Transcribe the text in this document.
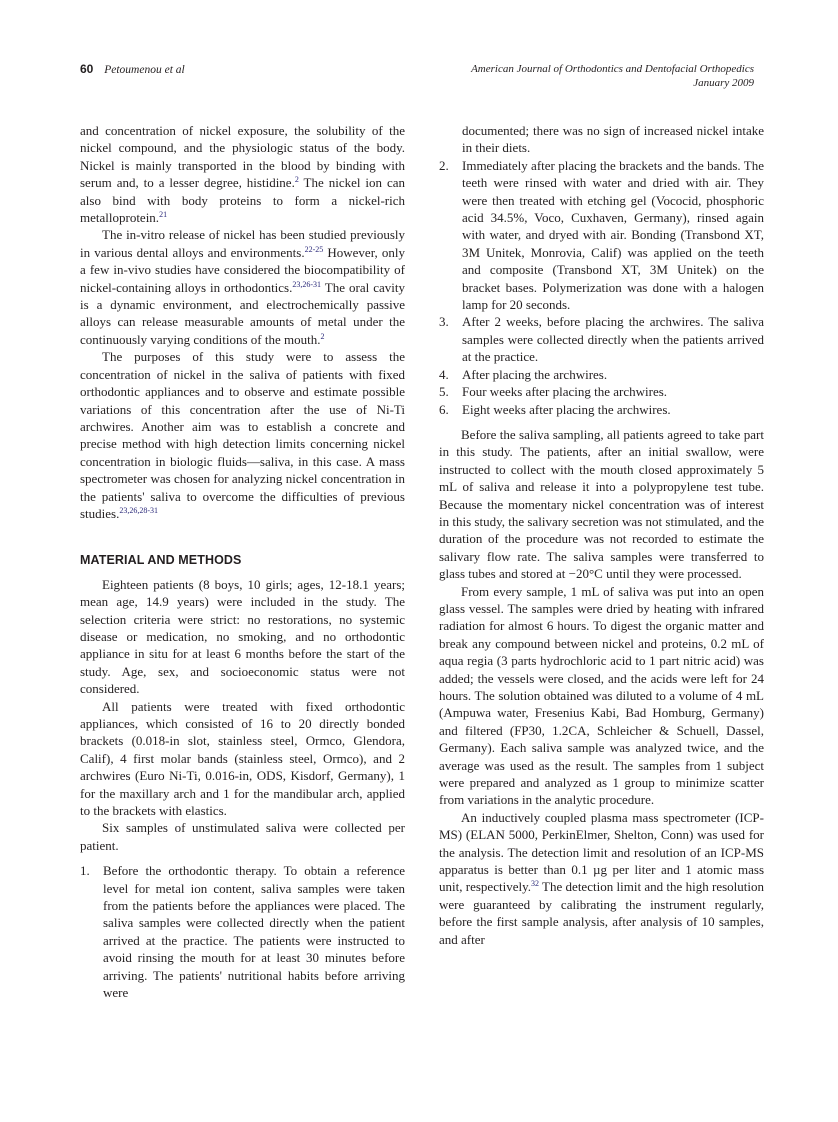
60 Petoumenou et al	American Journal of Orthodontics and Dentofacial Orthopedics
January 2009

and concentration of nickel exposure, the solubility of the nickel compound, and the physiologic status of the body. Nickel is mainly transported in the blood by binding with serum and, to a lesser degree, histidine.$^2$ The nickel ion can also bind with body proteins to form a nickel-rich metalloprotein.$^{21}$

The in-vitro release of nickel has been studied previously in various dental alloys and environments.$^{22-25}$ However, only a few in-vivo studies have considered the biocompatibility of nickel-containing alloys in orthodontics.$^{23,26-31}$ The oral cavity is a dynamic environment, and electrochemically passive alloys can release measurable amounts of metal under the continuously varying conditions of the mouth.$^2$

The purposes of this study were to assess the concentration of nickel in the saliva of patients with fixed orthodontic appliances and to observe and estimate possible variations of this concentration after the use of Ni-Ti archwires. Another aim was to establish a concrete and precise method with high detection limits concerning nickel concentration in biologic fluids—saliva, in this case. A mass spectrometer was chosen for analyzing nickel concentration in the patients' saliva to overcome the difficulties of previous studies.$^{23,26,28-31}$

MATERIAL AND METHODS

Eighteen patients (8 boys, 10 girls; ages, 12-18.1 years; mean age, 14.9 years) were included in the study. The selection criteria were strict: no restorations, no systemic disease or medication, no smoking, and no orthodontic appliance in situ for at least 6 months before the start of the study. Age, sex, and socioeconomic status were not considered.

All patients were treated with fixed orthodontic appliances, which consisted of 16 to 20 directly bonded brackets (0.018-in slot, stainless steel, Ormco, Glendora, Calif), 4 first molar bands (stainless steel, Ormco), and 2 archwires (Euro Ni-Ti, 0.016-in, ODS, Kisdorf, Germany), 1 for the maxillary arch and 1 for the mandibular arch, applied to the brackets with elastics.

Six samples of unstimulated saliva were collected per patient.

1. Before the orthodontic therapy. To obtain a reference level for metal ion content, saliva samples were taken from the patients before the appliances were placed. The saliva samples were collected directly when the patient arrived at the practice. The patients were instructed to avoid rinsing the mouth for at least 30 minutes before arriving. The patients' nutritional habits before arriving were
documented; there was no sign of increased nickel intake in their diets.
2. Immediately after placing the brackets and the bands. The teeth were rinsed with water and dried with air. They were then treated with etching gel (Vococid, phosphoric acid 34.5%, Voco, Cuxhaven, Germany), rinsed again with water, and dryed with air. Bonding (Transbond XT, 3M Unitek, Monrovia, Calif) was applied on the teeth and composite (Transbond XT, 3M Unitek) on the bracket bases. Polymerization was done with a halogen lamp for 20 seconds.
3. After 2 weeks, before placing the archwires. The saliva samples were collected directly when the patients arrived at the practice.
4. After placing the archwires.
5. Four weeks after placing the archwires.
6. Eight weeks after placing the archwires.

Before the saliva sampling, all patients agreed to take part in this study. The patients, after an initial swallow, were instructed to collect with the mouth closed approximately 5 mL of saliva and release it into a polypropylene test tube. Because the momentary nickel concentration was of interest in this study, the salivary secretion was not stimulated, and the duration of the procedure was not recorded to estimate the salivary flow rate. The saliva samples were transferred to glass tubes and stored at −20°C until they were processed.

From every sample, 1 mL of saliva was put into an open glass vessel. The samples were dried by heating with infrared radiation for almost 6 hours. To digest the organic matter and break any compound between nickel and proteins, 0.2 mL of aqua regia (3 parts hydrochloric acid to 1 part nitric acid) was added; the vessels were closed, and the acids were left for 24 hours. The solution obtained was diluted to a volume of 4 mL (Ampuwa water, Fresenius Kabi, Bad Homburg, Germany) and filtered (FP30, 1.2CA, Schleicher & Schuell, Dassel, Germany). Each saliva sample was analyzed twice, and the average was used as the result. The samples from 1 subject were prepared and analyzed as 1 group to minimize scatter from variations in the analytic procedure.

An inductively coupled plasma mass spectrometer (ICP-MS) (ELAN 5000, PerkinElmer, Shelton, Conn) was used for the analysis. The detection limit and resolution of an ICP-MS apparatus is better than 0.1 µg per liter and 1 atomic mass unit, respectively.$^{32}$ The detection limit and the high resolution were guaranteed by calibrating the instrument regularly, before the first sample analysis, after analysis of 10 samples, and after
